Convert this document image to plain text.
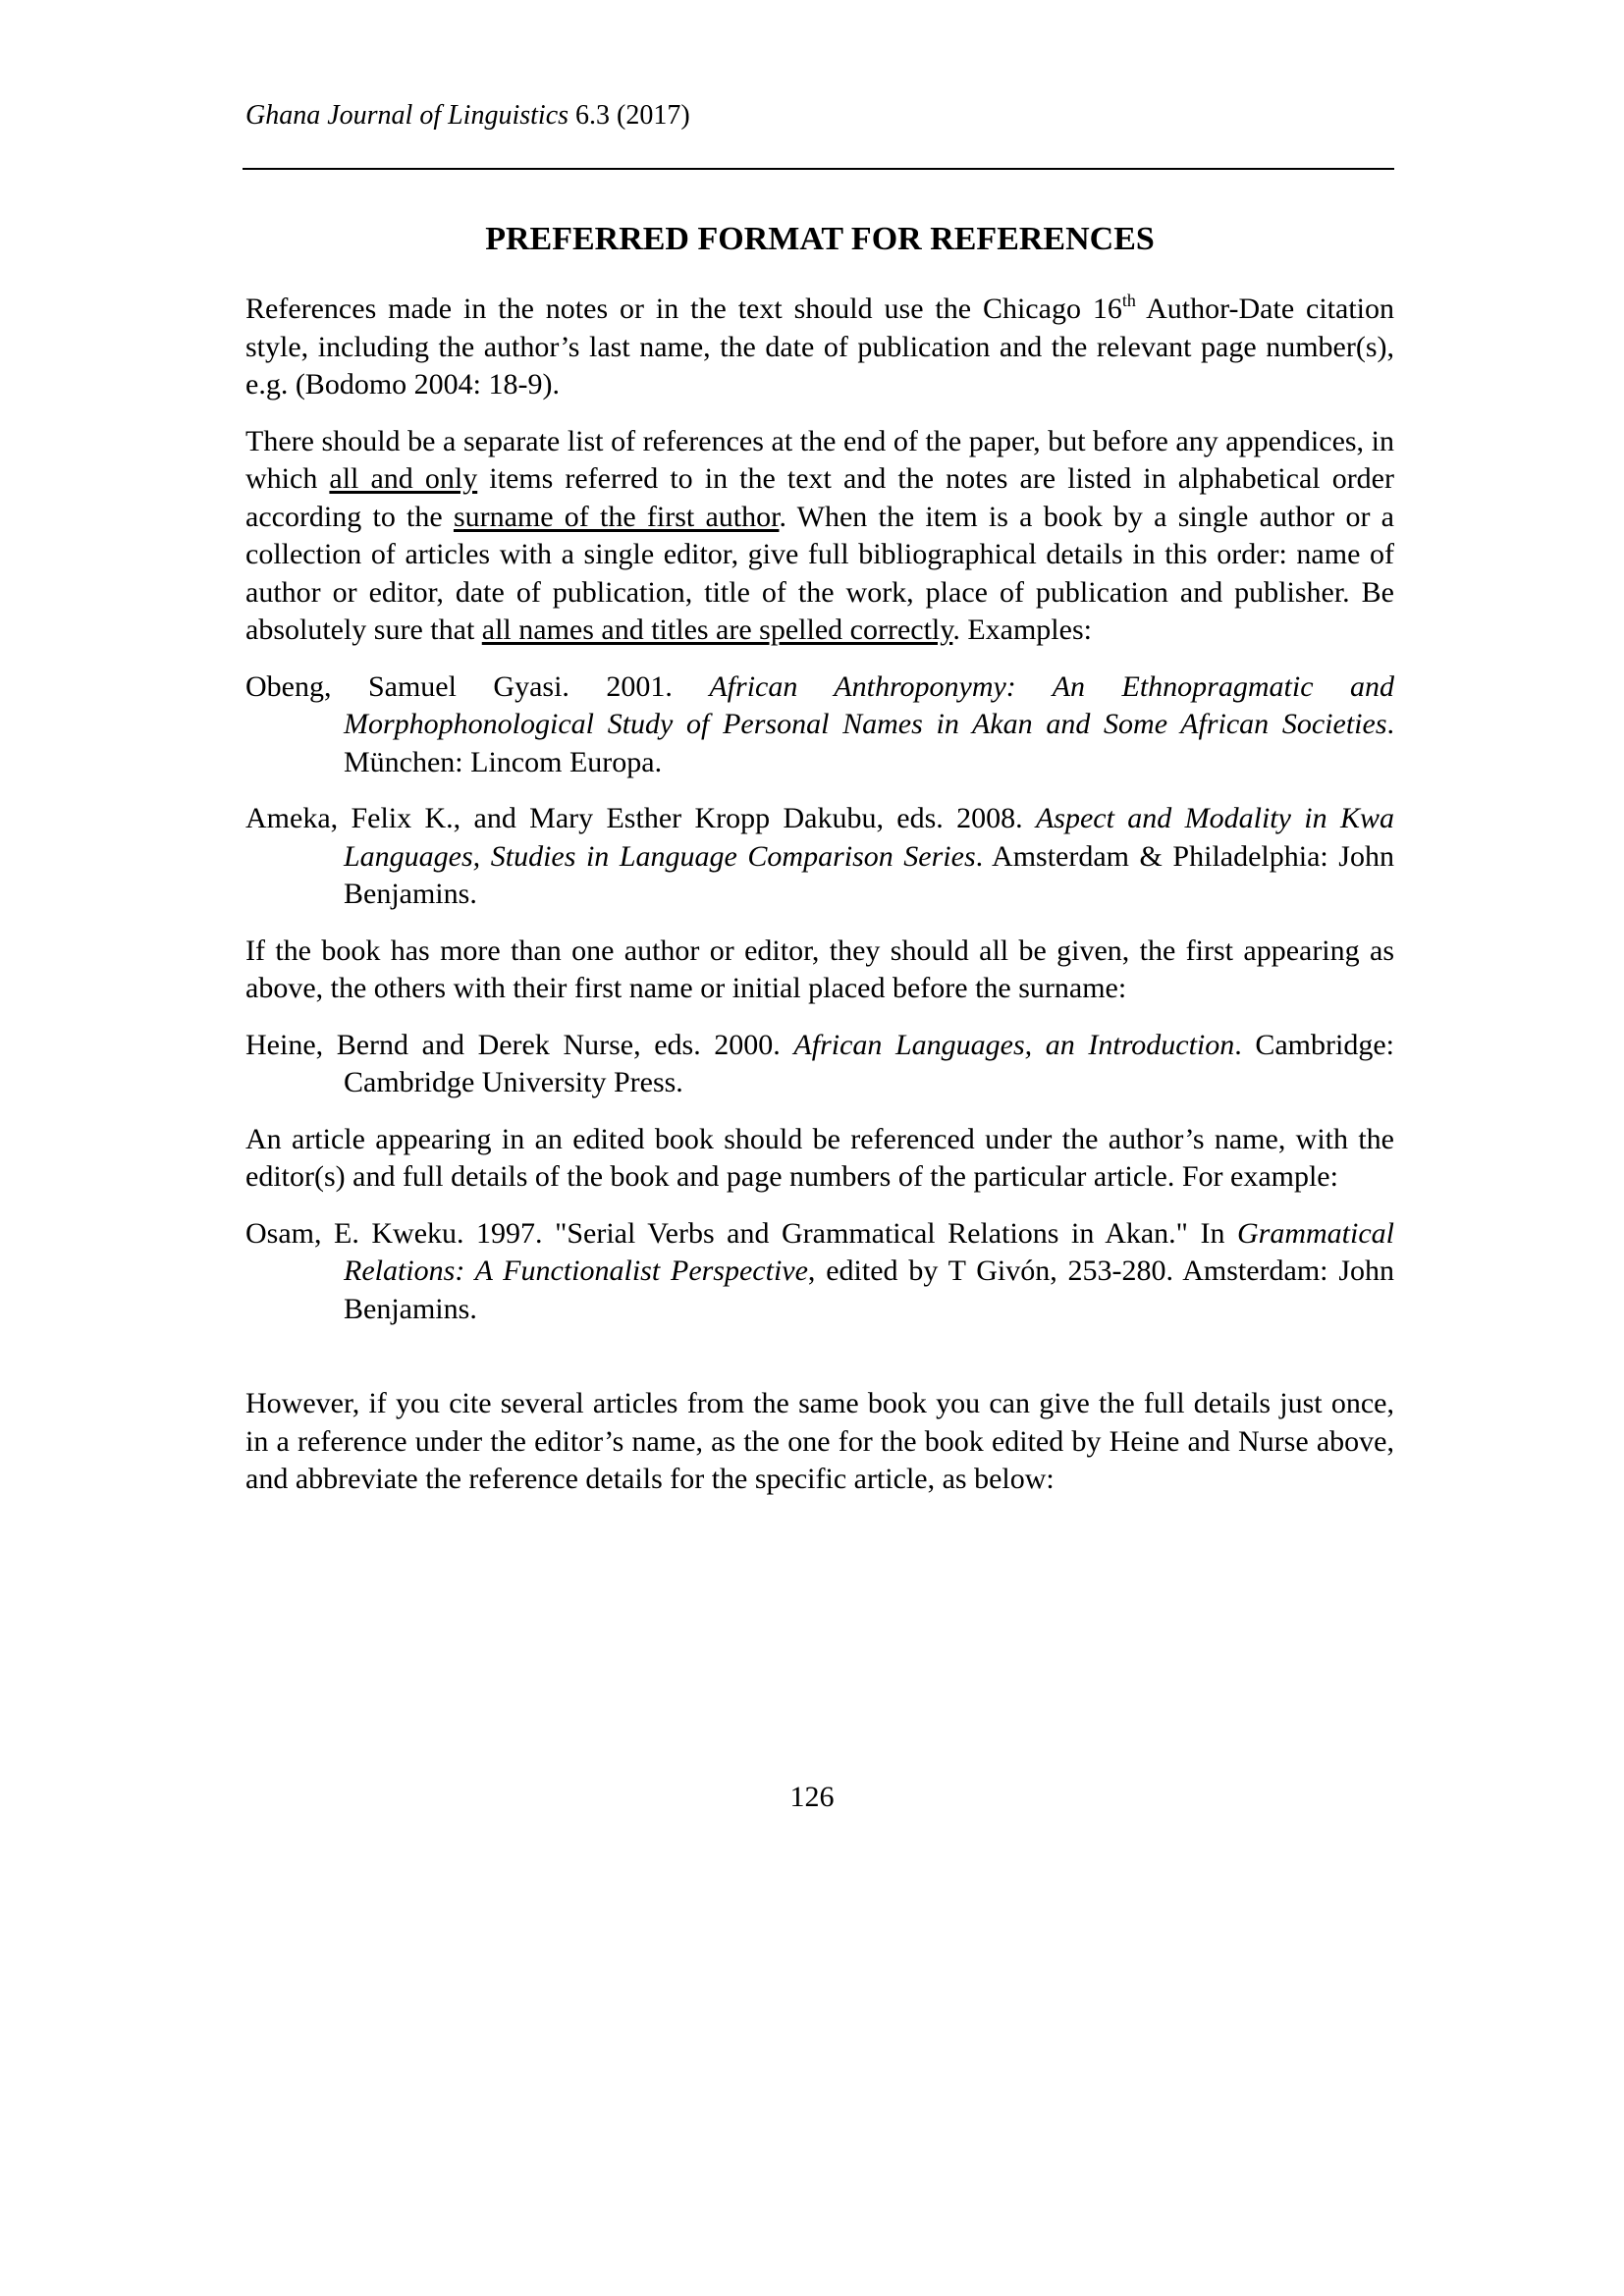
Ghana Journal of Linguistics 6.3 (2017)
PREFERRED FORMAT FOR REFERENCES

References made in the notes or in the text should use the Chicago 16th Author-Date citation style, including the author’s last name, the date of publication and the relevant page number(s), e.g. (Bodomo 2004: 18-9).

There should be a separate list of references at the end of the paper, but before any appendices, in which all and only items referred to in the text and the notes are listed in alphabetical order according to the surname of the first author. When the item is a book by a single author or a collection of articles with a single editor, give full bibliographical details in this order: name of author or editor, date of publication, title of the work, place of publication and publisher. Be absolutely sure that all names and titles are spelled correctly. Examples:

Obeng, Samuel Gyasi. 2001. African Anthroponymy: An Ethnopragmatic and Morphophonological Study of Personal Names in Akan and Some African Societies. München: Lincom Europa.

Ameka, Felix K., and Mary Esther Kropp Dakubu, eds. 2008. Aspect and Modality in Kwa Languages, Studies in Language Comparison Series. Amsterdam & Philadelphia: John Benjamins.

If the book has more than one author or editor, they should all be given, the first appearing as above, the others with their first name or initial placed before the surname:

Heine, Bernd and Derek Nurse, eds. 2000. African Languages, an Introduction. Cambridge: Cambridge University Press.

An article appearing in an edited book should be referenced under the author’s name, with the editor(s) and full details of the book and page numbers of the particular article. For example:

Osam, E. Kweku. 1997. "Serial Verbs and Grammatical Relations in Akan." In Grammatical Relations: A Functionalist Perspective, edited by T Givón, 253-280. Amsterdam: John Benjamins.

However, if you cite several articles from the same book you can give the full details just once, in a reference under the editor’s name, as the one for the book edited by Heine and Nurse above, and abbreviate the reference details for the specific article, as below:

126
